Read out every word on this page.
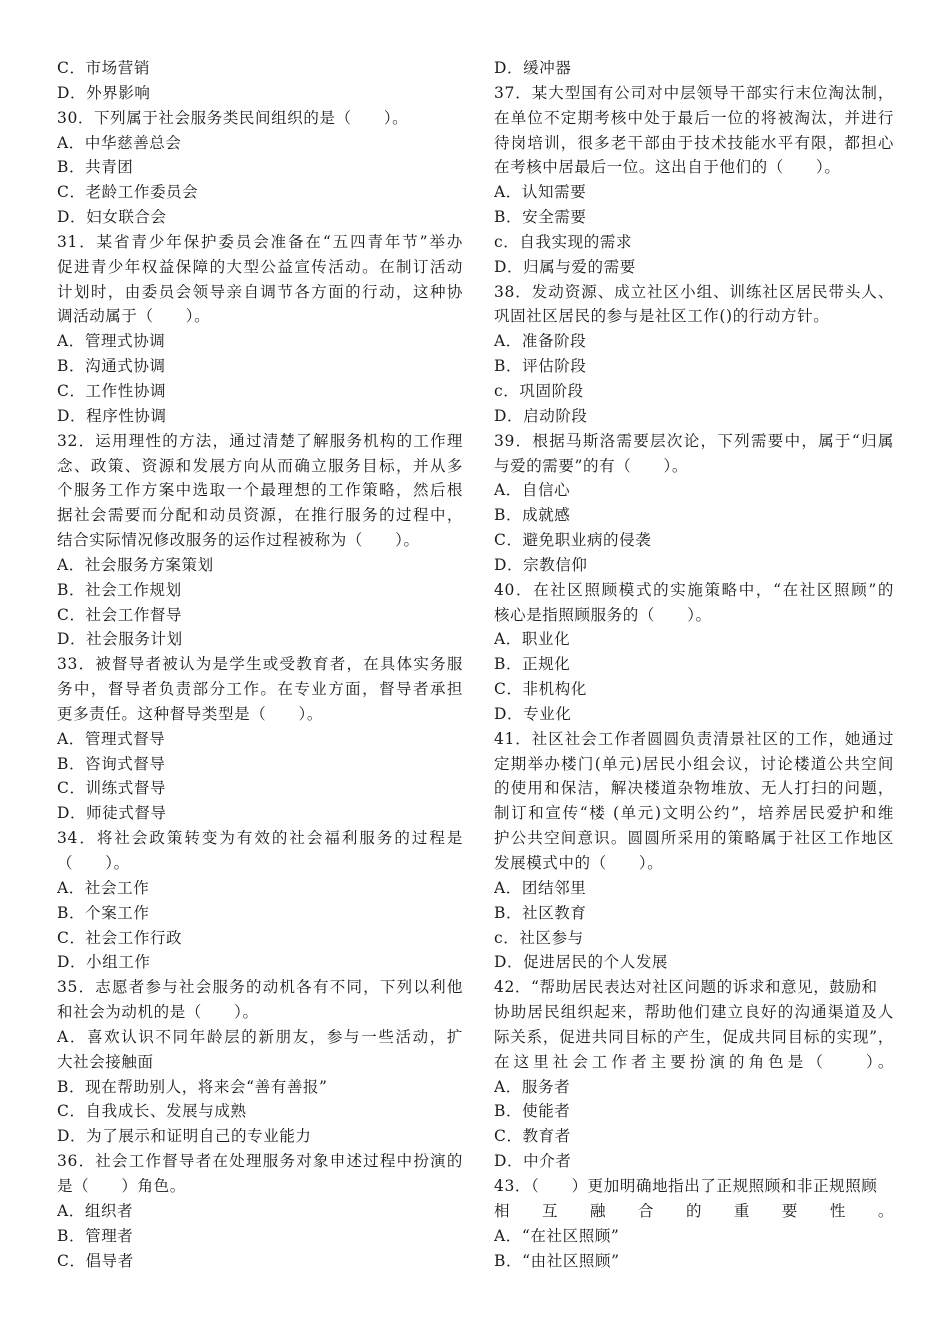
C．市场营销
D．外界影响
30．下列属于社会服务类民间组织的是（　　）。
A．中华慈善总会
B．共青团
C．老龄工作委员会
D．妇女联合会
31．某省青少年保护委员会准备在“五四青年节”举办
促进青少年权益保障的大型公益宣传活动。在制订活动
计划时，由委员会领导亲自调节各方面的行动，这种协
调活动属于（　　）。
A．管理式协调
B．沟通式协调
C．工作性协调
D．程序性协调
32．运用理性的方法，通过清楚了解服务机构的工作理
念、政策、资源和发展方向从而确立服务目标，并从多
个服务工作方案中选取一个最理想的工作策略，然后根
据社会需要而分配和动员资源，在推行服务的过程中，
结合实际情况修改服务的运作过程被称为（　　）。
A．社会服务方案策划
B．社会工作规划
C．社会工作督导
D．社会服务计划
33．被督导者被认为是学生或受教育者，在具体实务服
务中，督导者负责部分工作。在专业方面，督导者承担
更多责任。这种督导类型是（　　）。
A．管理式督导
B．咨询式督导
C．训练式督导
D．师徒式督导
34．将社会政策转变为有效的社会福利服务的过程是
（　　）。
A．社会工作
B．个案工作
C．社会工作行政
D．小组工作
35．志愿者参与社会服务的动机各有不同，下列以利他
和社会为动机的是（　　）。
A．喜欢认识不同年龄层的新朋友，参与一些活动，扩
大社会接触面
B．现在帮助别人，将来会“善有善报”
C．自我成长、发展与成熟
D．为了展示和证明自己的专业能力
36．社会工作督导者在处理服务对象申述过程中扮演的
是（　　）角色。
A．组织者
B．管理者
C．倡导者
D．缓冲器
37．某大型国有公司对中层领导干部实行末位淘汰制，
在单位不定期考核中处于最后一位的将被淘汰，并进行
待岗培训，很多老干部由于技术技能水平有限，都担心
在考核中居最后一位。这出自于他们的（　　）。
A．认知需要
B．安全需要
c．自我实现的需求
D．归属与爱的需要
38．发动资源、成立社区小组、训练社区居民带头人、
巩固社区居民的参与是社区工作()的行动方针。
A．准备阶段
B．评估阶段
c．巩固阶段
D．启动阶段
39．根据马斯洛需要层次论，下列需要中，属于“归属
与爱的需要”的有（　　）。
A．自信心
B．成就感
C．避免职业病的侵袭
D．宗教信仰
40．在社区照顾模式的实施策略中，“在社区照顾”的
核心是指照顾服务的（　　）。
A．职业化
B．正规化
C．非机构化
D．专业化
41．社区社会工作者圆圆负责清景社区的工作，她通过
定期举办楼门(单元)居民小组会议，讨论楼道公共空间
的使用和保洁，解决楼道杂物堆放、无人打扫的问题，
制订和宣传“楼 (单元)文明公约”，培养居民爱护和维
护公共空间意识。圆圆所采用的策略属于社区工作地区
发展模式中的（　　）。
A．团结邻里
B．社区教育
c．社区参与
D．促进居民的个人发展
42．“帮助居民表达对社区问题的诉求和意见，鼓励和
协助居民组织起来，帮助他们建立良好的沟通渠道及人
际关系，促进共同目标的产生，促成共同目标的实现”，
在这里社会工作者主要扮演的角色是（　　）。
A．服务者
B．使能者
C．教育者
D．中介者
43．（　　）更加明确地指出了正规照顾和非正规照顾
相互融合的重要性。
A．“在社区照顾”
B．“由社区照顾”
